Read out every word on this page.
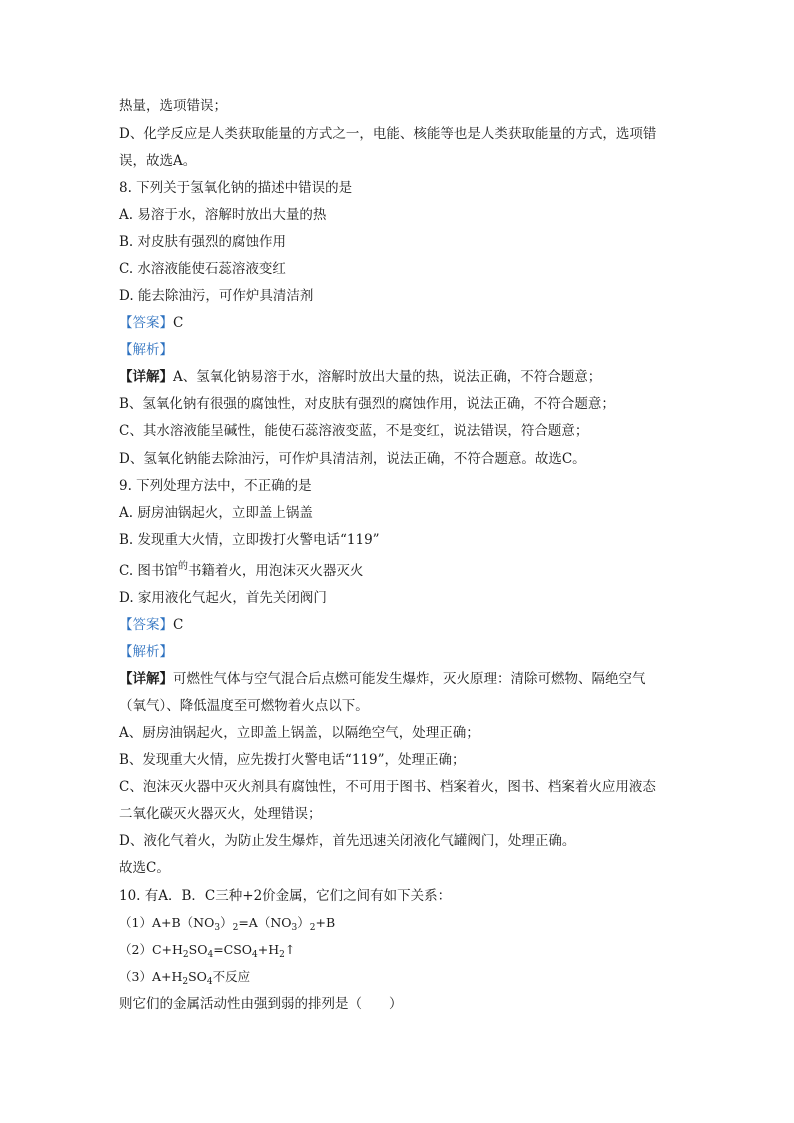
热量，选项错误；
D、化学反应是人类获取能量的方式之一，电能、核能等也是人类获取能量的方式，选项错
误，故选A。
8. 下列关于氢氧化钠的描述中错误的是
A. 易溶于水，溶解时放出大量的热
B. 对皮肤有强烈的腐蚀作用
C. 水溶液能使石蕊溶液变红
D. 能去除油污，可作炉具清洁剂
【答案】C
【解析】
【详解】A、氢氧化钠易溶于水，溶解时放出大量的热，说法正确，不符合题意；
B、氢氧化钠有很强的腐蚀性，对皮肤有强烈的腐蚀作用，说法正确，不符合题意；
C、其水溶液能呈碱性，能使石蕊溶液变蓝，不是变红，说法错误，符合题意；
D、氢氧化钠能去除油污，可作炉具清洁剂，说法正确，不符合题意。故选C。
9. 下列处理方法中，不正确的是
A. 厨房油锅起火，立即盖上锅盖
B. 发现重大火情，立即拨打火警电话“119”
C. 图书馆$^的$书籍着火，用泡沫灭火器灭火
D. 家用液化气起火，首先关闭阀门
【答案】C
【解析】
【详解】可燃性气体与空气混合后点燃可能发生爆炸，灭火原理：清除可燃物、隔绝空气
（氧气）、降低温度至可燃物着火点以下。
A、厨房油锅起火，立即盖上锅盖，以隔绝空气，处理正确；
B、发现重大火情，应先拨打火警电话“119”，处理正确；
C、泡沫灭火器中灭火剂具有腐蚀性，不可用于图书、档案着火，图书、档案着火应用液态
二氧化碳灭火器灭火，处理错误；
D、液化气着火，为防止发生爆炸，首先迅速关闭液化气罐阀门，处理正确。
故选C。
10. 有A．B．C三种+2价金属，它们之间有如下关系：
$(1)A+B(NO_3)_2=A(NO_3)_2+B$
$(2)C+H_2SO_4=CSO_4+H_2↑$
$(3)A+H_2SO_4$不反应
则它们的金属活动性由强到弱的排列是（　　）
